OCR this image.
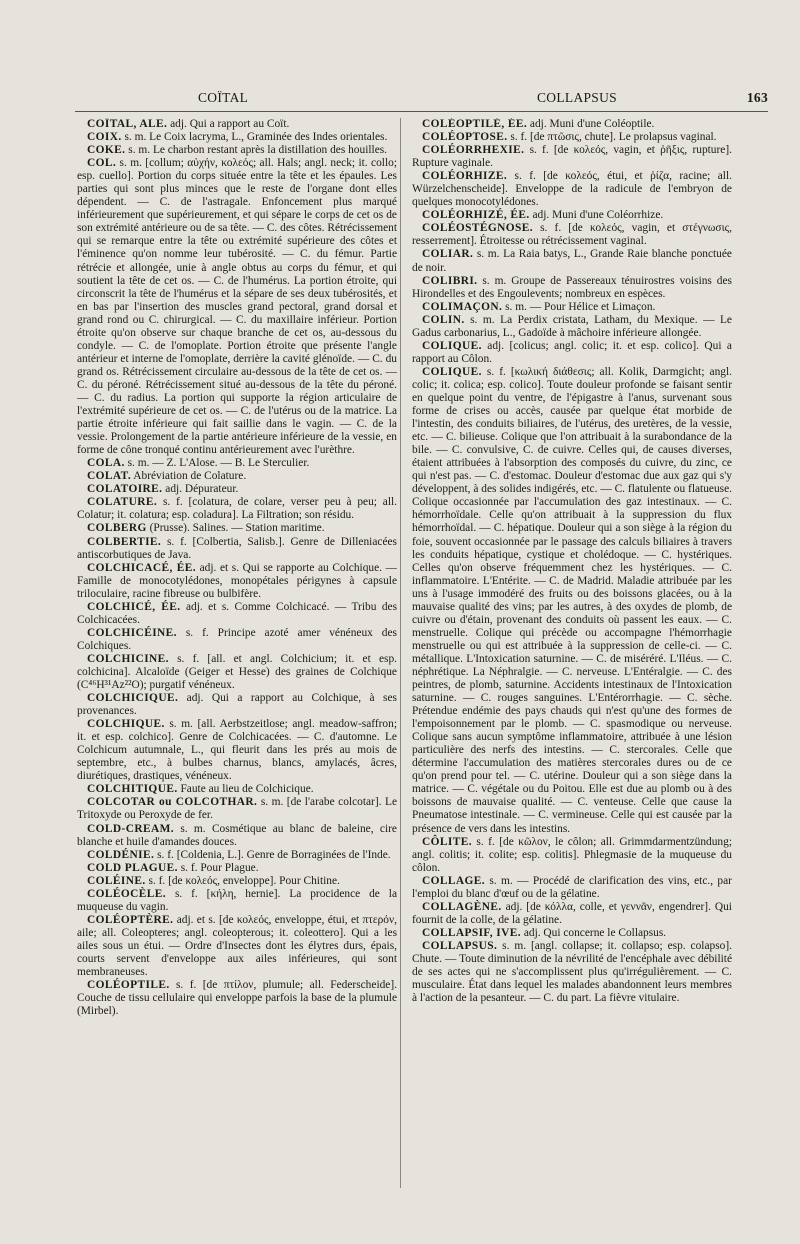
COÏTAL	COLLAPSUS	163

COÏTAL, ALE. adj. Qui a rapport au Coït.

COIX. s. m. Le Coix lacryma, L., Graminée des Indes orientales.

COKE. s. m. Le charbon restant après la distillation des houilles.

COL. s. m. [collum; αὐχήν, κολεός; all. Hals; angl. neck; it. collo; esp. cuello]. Portion du corps située entre la tête et les épaules. Les parties qui sont plus minces que le reste de l'organe dont elles dépendent. — C. de l'astragale. Enfoncement plus marqué inférieurement que supérieurement, et qui sépare le corps de cet os de son extrémité antérieure ou de sa tête. — C. des côtes. Rétrécissement qui se remarque entre la tête ou extrémité supérieure des côtes et l'éminence qu'on nomme leur tubérosité. — C. du fémur. Partie rétrécie et allongée, unie à angle obtus au corps du fémur, et qui soutient la tête de cet os. — C. de l'humérus. La portion étroite, qui circonscrit la tête de l'humérus et la sépare de ses deux tubérosités, et en bas par l'insertion des muscles grand pectoral, grand dorsal et grand rond ou C. chirurgical. — C. du maxillaire inférieur. Portion étroite qu'on observe sur chaque branche de cet os, au-dessous du condyle. — C. de l'omoplate. Portion étroite que présente l'angle antérieur et interne de l'omoplate, derrière la cavité glénoïde. — C. du grand os. Rétrécissement circulaire au-dessous de la tête de cet os. — C. du péroné. Rétrécissement situé au-dessous de la tête du péroné. — C. du radius. La portion qui supporte la région articulaire de l'extrémité supérieure de cet os. — C. de l'utérus ou de la matrice. La partie étroite inférieure qui fait saillie dans le vagin. — C. de la vessie. Prolongement de la partie antérieure inférieure de la vessie, en forme de cône tronqué continu antérieurement avec l'urèthre.

COLA. s. m. — Z. L'Alose. — B. Le Sterculier.

COLAT. Abréviation de Colature.

COLATOIRE. adj. Dépurateur.

COLATURE. s. f. [colatura, de colare, verser peu à peu; all. Colatur; it. colatura; esp. coladura]. La Filtration; son résidu.

COLBERG (Prusse). Salines. — Station maritime.

COLBERTIE. s. f. [Colbertia, Salisb.]. Genre de Dilleniacées antiscorbutiques de Java.

COLCHICACÉ, ÉE. adj. et s. Qui se rapporte au Colchique. — Famille de monocotylédones, monopétales périgynes à capsule triloculaire, racine fibreuse ou bulbifère.

COLCHICÉ, ÉE. adj. et s. Comme Colchicacé. — Tribu des Colchicacées.

COLCHICÉINE. s. f. Principe azoté amer vénéneux des Colchiques.

COLCHICINE. s. f. [all. et angl. Colchicium; it. et esp. colchicina]. Alcaloïde (Geiger et Hesse) des graines de Colchique (C⁴⁶H³¹Az²²O); purgatif vénéneux.

COLCHICIQUE. adj. Qui a rapport au Colchique, à ses provenances.

COLCHIQUE. s. m. [all. Aerbstzeitlose; angl. meadow-saffron; it. et esp. colchico]. Genre de Colchicacées. — C. d'automne. Le Colchicum autumnale, L., qui fleurit dans les prés au mois de septembre, etc., à bulbes charnus, blancs, amylacés, âcres, diurétiques, drastiques, vénéneux.

COLCHITIQUE. Faute au lieu de Colchicique.

COLCOTAR ou COLCOTHAR. s. m. [de l'arabe colcotar]. Le Tritoxyde ou Peroxyde de fer.

COLD-CREAM. s. m. Cosmétique au blanc de baleine, cire blanche et huile d'amandes douces.

COLDÉNIE. s. f. [Coldenia, L.]. Genre de Borraginées de l'Inde.

COLD PLAGUE. s. f. Pour Plague.

COLÉINE. s. f. [de κολεός, enveloppe]. Pour Chitine.

COLÉOCÈLE. s. f. [κήλη, hernie]. La procidence de la muqueuse du vagin.

COLÉOPTÈRE. adj. et s. [de κολεός, enveloppe, étui, et πτερόν, aile; all. Coleopteres; angl. coleopterous; it. coleottero]. Qui a les ailes sous un étui. — Ordre d'Insectes dont les élytres durs, épais, courts servent d'enveloppe aux ailes inférieures, qui sont membraneuses.

COLÉOPTILE. s. f. [de πτίλον, plumule; all. Federscheide]. Couche de tissu cellulaire qui enveloppe parfois la base de la plumule (Mirbel).

COLÉOPTILÉ, ÉE. adj. Muni d'une Coléoptile.

COLÉOPTOSE. s. f. [de πτῶσις, chute]. Le prolapsus vaginal.

COLÉORRHEXIE. s. f. [de κολεός, vagin, et ῥῆξις, rupture]. Rupture vaginale.

COLÉORHIZE. s. f. [de κολεός, étui, et ῥίζα, racine; all. Würzelchenscheide]. Enveloppe de la radicule de l'embryon de quelques monocotylédones.

COLÉORHIZÉ, ÉE. adj. Muni d'une Coléorrhize.

COLÉOSTÉGNOSE. s. f. [de κολεός, vagin, et στέγνωσις, resserrement]. Étroitesse ou rétrécissement vaginal.

COLIAR. s. m. La Raia batys, L., Grande Raie blanche ponctuée de noir.

COLIBRI. s. m. Groupe de Passereaux ténuirostres voisins des Hirondelles et des Engoulevents; nombreux en espèces.

COLIMAÇON. s. m. — Pour Hélice et Limaçon.

COLIN. s. m. La Perdix cristata, Latham, du Mexique. — Le Gadus carbonarius, L., Gadoïde à mâchoire inférieure allongée.

COLIQUE. adj. [colicus; angl. colic; it. et esp. colico]. Qui a rapport au Côlon.

COLIQUE. s. f. [κωλική διάθεσις; all. Kolik, Darmgicht; angl. colic; it. colica; esp. colico]. Toute douleur profonde se faisant sentir en quelque point du ventre, de l'épigastre à l'anus, survenant sous forme de crises ou accès, causée par quelque état morbide de l'intestin, des conduits biliaires, de l'utérus, des uretères, de la vessie, etc. — C. bilieuse. Colique que l'on attribuait à la surabondance de la bile. — C. convulsive, C. de cuivre. Celles qui, de causes diverses, étaient attribuées à l'absorption des composés du cuivre, du zinc, ce qui n'est pas. — C. d'estomac. Douleur d'estomac due aux gaz qui s'y développent, à des solides indigérés, etc. — C. flatulente ou flatueuse. Colique occasionnée par l'accumulation des gaz intestinaux. — C. hémorrhoïdale. Celle qu'on attribuait à la suppression du flux hémorrhoïdal. — C. hépatique. Douleur qui a son siège à la région du foie, souvent occasionnée par le passage des calculs biliaires à travers les conduits hépatique, cystique et cholédoque. — C. hystériques. Celles qu'on observe fréquemment chez les hystériques. — C. inflammatoire. L'Entérite. — C. de Madrid. Maladie attribuée par les uns à l'usage immodéré des fruits ou des boissons glacées, ou à la mauvaise qualité des vins; par les autres, à des oxydes de plomb, de cuivre ou d'étain, provenant des conduits où passent les eaux. — C. menstruelle. Colique qui précède ou accompagne l'hémorrhagie menstruelle ou qui est attribuée à la suppression de celle-ci. — C. métallique. L'Intoxication saturnine. — C. de miséréré. L'Iléus. — C. néphrétique. La Néphralgie. — C. nerveuse. L'Entéralgie. — C. des peintres, de plomb, saturnine. Accidents intestinaux de l'Intoxication saturnine. — C. rouges sanguines. L'Entérorrhagie. — C. sèche. Prétendue endémie des pays chauds qui n'est qu'une des formes de l'empoisonnement par le plomb. — C. spasmodique ou nerveuse. Colique sans aucun symptôme inflammatoire, attribuée à une lésion particulière des nerfs des intestins. — C. stercorales. Celle que détermine l'accumulation des matières stercorales dures ou de ce qu'on prend pour tel. — C. utérine. Douleur qui a son siège dans la matrice. — C. végétale ou du Poitou. Elle est due au plomb ou à des boissons de mauvaise qualité. — C. venteuse. Celle que cause la Pneumatose intestinale. — C. vermineuse. Celle qui est causée par la présence de vers dans les intestins.

CÔLITE. s. f. [de κῶλον, le côlon; all. Grimmdarmentzündung; angl. colitis; it. colite; esp. colitis]. Phlegmasie de la muqueuse du côlon.

COLLAGE. s. m. — Procédé de clarification des vins, etc., par l'emploi du blanc d'œuf ou de la gélatine.

COLLAGÈNE. adj. [de κόλλα, colle, et γεννᾶν, engendrer]. Qui fournit de la colle, de la gélatine.

COLLAPSIF, IVE. adj. Qui concerne le Collapsus.

COLLAPSUS. s. m. [angl. collapse; it. collapso; esp. colapso]. Chute. — Toute diminution de la névrilité de l'encéphale avec débilité de ses actes qui ne s'accomplissent plus qu'irrégulièrement. — C. musculaire. État dans lequel les malades abandonnent leurs membres à l'action de la pesanteur. — C. du part. La fièvre vitulaire.
